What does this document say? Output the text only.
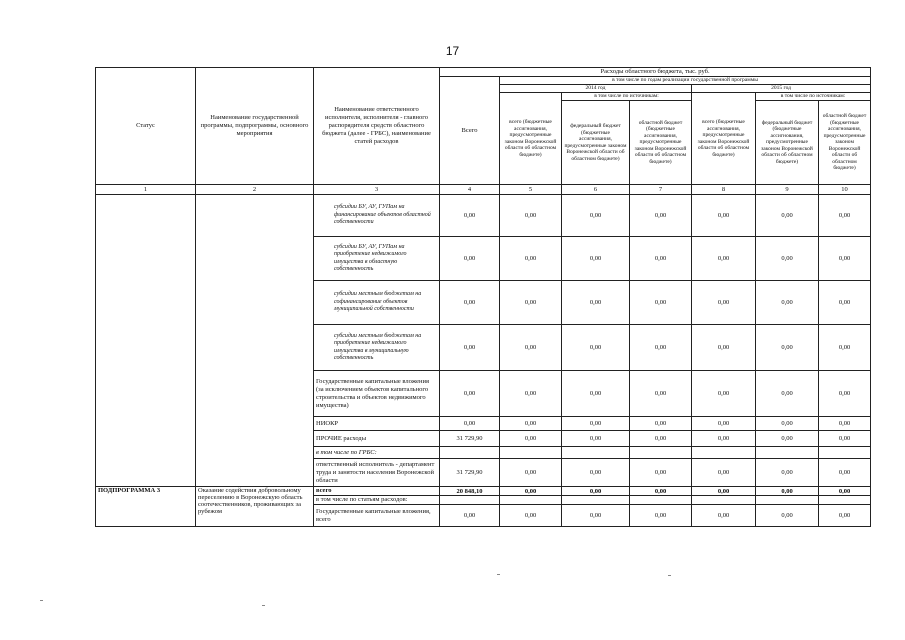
17
Статус	Наименование государственной программы, подпрограммы, основного мероприятия	Наименование ответственного исполнителя, исполнителя - главного распорядителя средств областного бюджета (далее - ГРБС), наименование статей расходов	Расходы областного бюджета, тыс. руб.						
			Всего	в том числе по годам реализации государственной программы					
				2014 год			2015 год		
				всего (бюджетные ассигнования, предусмотренные законом Воронежской области об областном бюджете)	в том числе по источникам:		всего (бюджетные ассигнования, предусмотренные законом Воронежской области об областном бюджете)	в том числе по источникам:	
					федеральный бюджет (бюджетные ассигнования, предусмотренные законом Воронежской области об областном бюджете)	областной бюджет (бюджетные ассигнования, предусмотренные законом Воронежской области об областном бюджете)		федеральный бюджет (бюджетные ассигнования, предусмотренные законом Воронежской области об областном бюджете)	областной бюджет (бюджетные ассигнования, предусмотренные законом Воронежской области об областном бюджете)
1	2	3	4	5	6	7	8	9	10
		субсидии БУ, АУ, ГУПам на финансирование объектов областной собственности	0,00	0,00	0,00	0,00	0,00	0,00	0,00
		субсидии БУ, АУ, ГУПам на приобретение недвижимого имущества в областную собственность	0,00	0,00	0,00	0,00	0,00	0,00	0,00
		субсидии местным бюджетам на софинансирование объектов муниципальной собственности	0,00	0,00	0,00	0,00	0,00	0,00	0,00
		субсидии местным бюджетам на приобретение недвижимого имущества в муниципальную собственность	0,00	0,00	0,00	0,00	0,00	0,00	0,00
		Государственные капитальные вложения (за исключением объектов капитального строительства и объектов недвижимого имущества)	0,00	0,00	0,00	0,00	0,00	0,00	0,00
		НИОКР	0,00	0,00	0,00	0,00	0,00	0,00	0,00
		ПРОЧИЕ расходы	31 729,90	0,00	0,00	0,00	0,00	0,00	0,00
		в том числе по ГРБС:							
		ответственный исполнитель - департамент труда и занятости населения Воронежской области	31 729,90	0,00	0,00	0,00	0,00	0,00	0,00
ПОДПРОГРАММА 3	Оказание содействия добровольному переселению в Воронежскую область соотечественников, проживающих за рубежом	всего	20 848,10	0,00	0,00	0,00	0,00	0,00	0,00
		в том числе по статьям расходов:							
		Государственные капитальные вложения, всего	0,00	0,00	0,00	0,00	0,00	0,00	0,00
